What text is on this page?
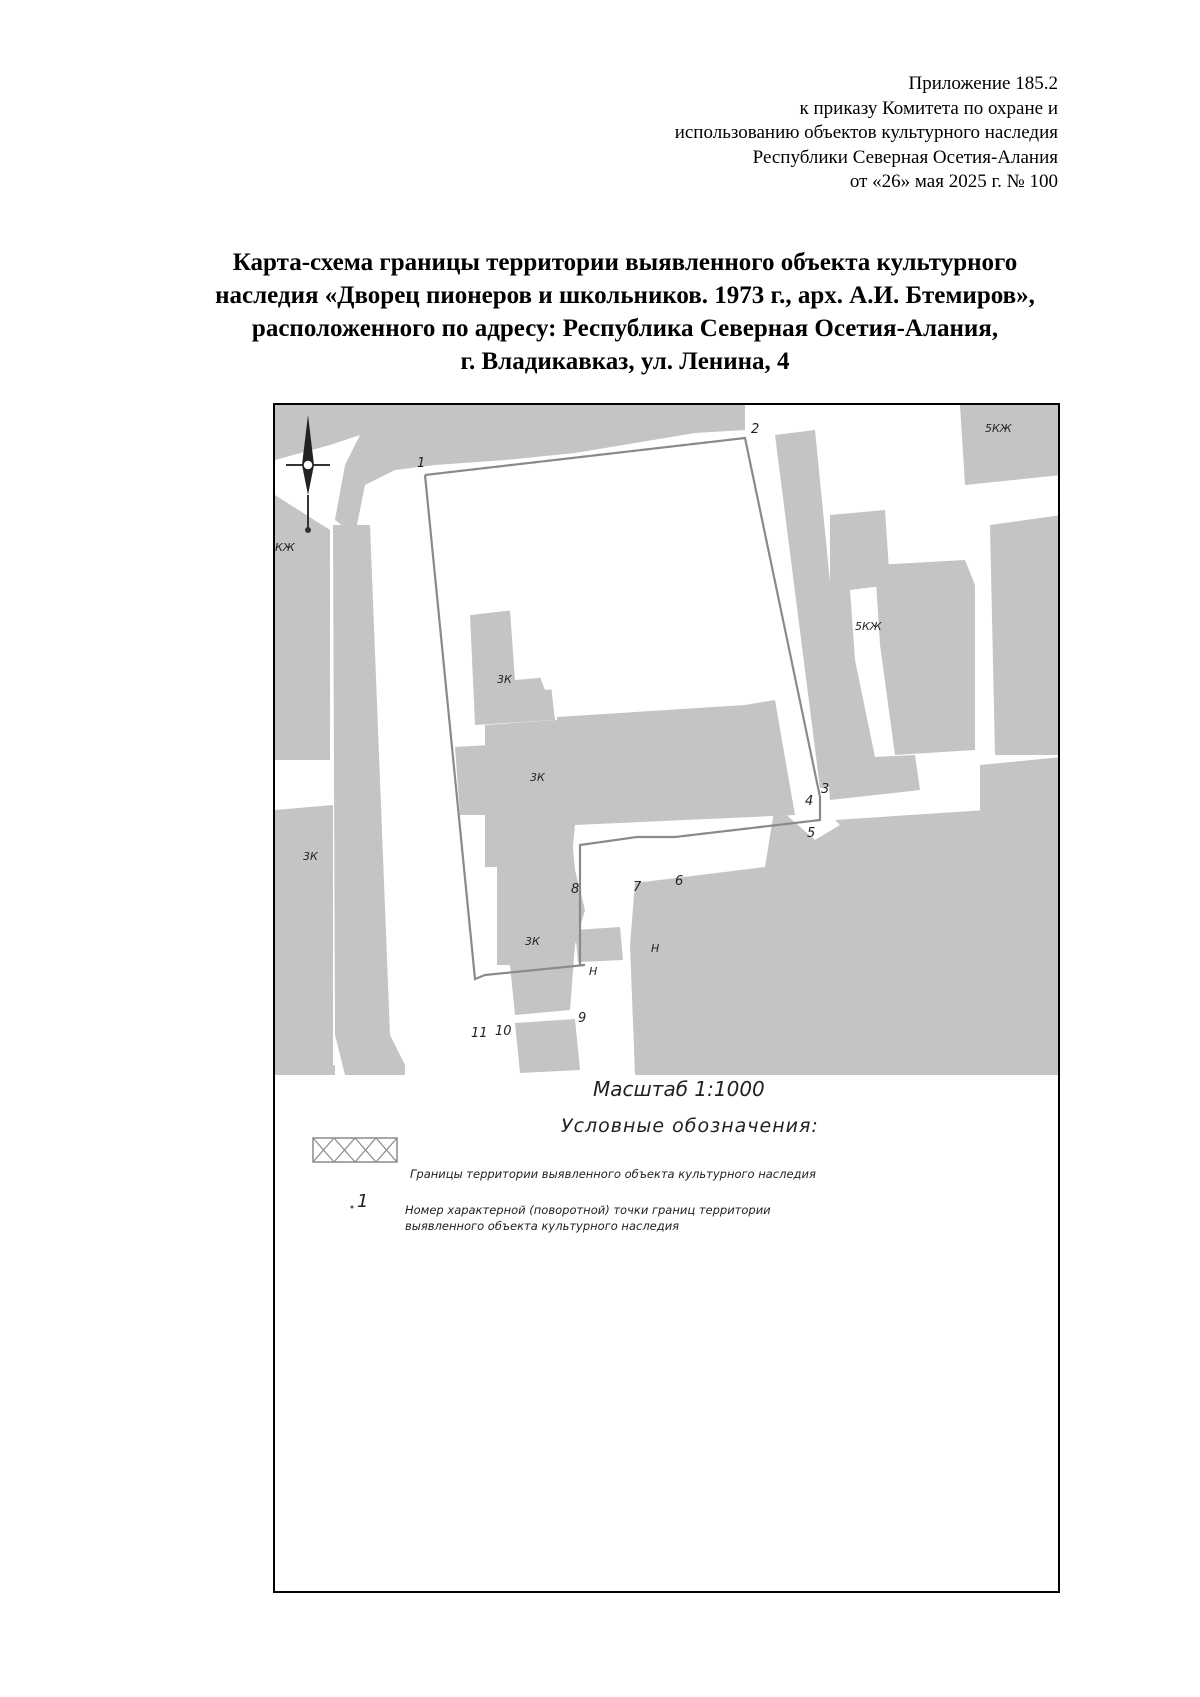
Приложение 185.2
к приказу Комитета по охране и
использованию объектов культурного наследия
Республики Северная Осетия-Алания
от «26» мая 2025 г. № 100
Карта-схема границы территории выявленного объекта культурного
наследия «Дворец пионеров и школьников. 1973 г., арх. А.И. Бтемиров»,
расположенного по адресу: Республика Северная Осетия-Алания,
г. Владикавказ, ул. Ленина, 4
КЖ
5КЖ
5КЖ
3К
3К
3К
3К
Н
Н
1
2
3
4
5
6
7
8
9
10
11
Масштаб 1:1000
Условные обозначения:
Границы территории выявленного объекта культурного наследия
1	Номер характерной (поворотной) точки границ территории
выявленного объекта культурного наследия
